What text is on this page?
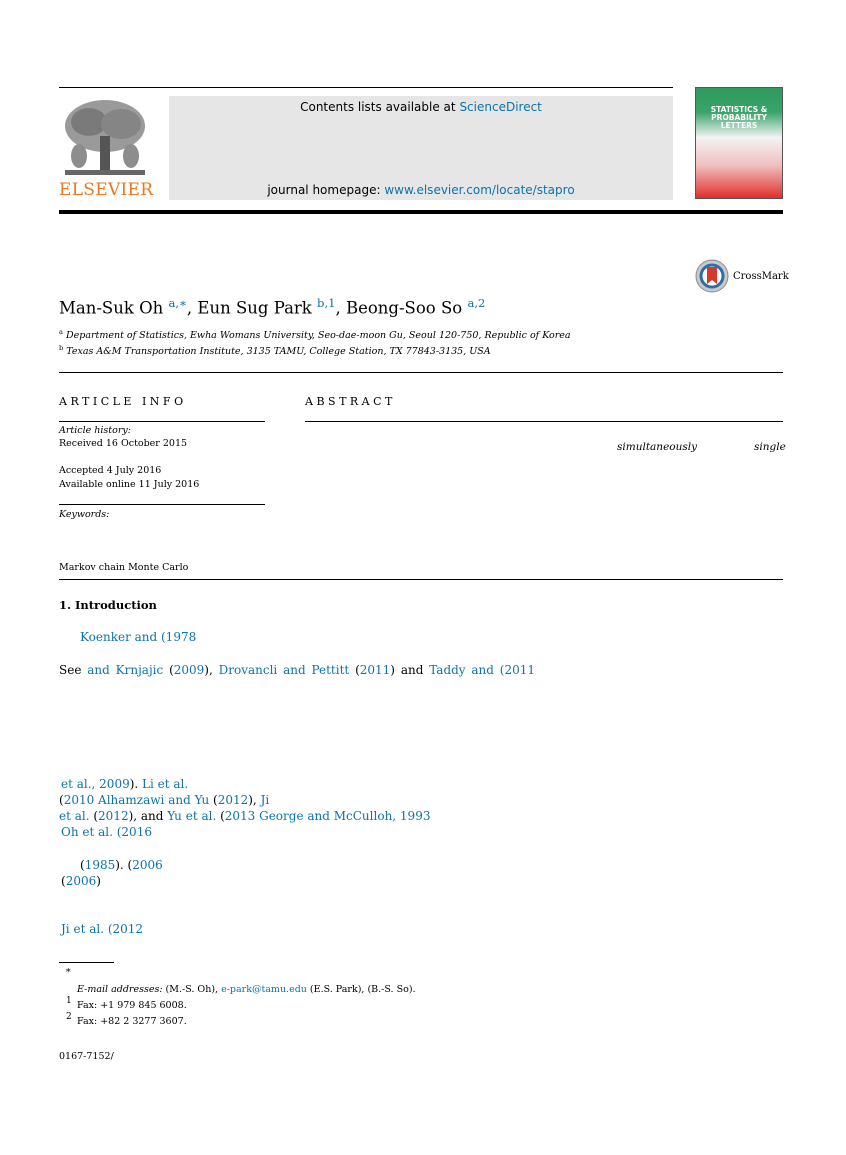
ELSEVIER
Contents lists available at ScienceDirect
journal homepage: www.elsevier.com/locate/stapro
STATISTICS & PROBABILITY LETTERS
CrossMark
Man-Suk Oh $^{a,∗}$, Eun Sug Park $^{b,1}$, Beong-Soo So $^{a,2}$
$^a$ Department of Statistics, Ewha Womans University, Seo-dae-moon Gu, Seoul 120-750, Republic of Korea
$^b$ Texas A&M Transportation Institute, 3135 TAMU, College Station, TX 77843-3135, USA
ARTICLE INFO
Article history:
Received 16 October 2015
Accepted 4 July 2016
Available online 11 July 2016
Keywords:
Markov chain Monte Carlo
ABSTRACT
simultaneously	single
1. Introduction
Koenker and (1978
See and Krnjajic (2009), Drovancli and Pettitt (2011) and Taddy and (2011
et al., 2009). Li et al.
(2010 Alhamzawi and Yu (2012), Ji
et al. (2012), and Yu et al. (2013 George and McCulloh, 1993
Oh et al. (2016
(1985). (2006
(2006)
Ji et al. (2012
∗
E-mail addresses: (M.-S. Oh), e-park@tamu.edu (E.S. Park), (B.-S. So).
1 Fax: +1 979 845 6008.
2 Fax: +82 2 3277 3607.
0167-7152/
